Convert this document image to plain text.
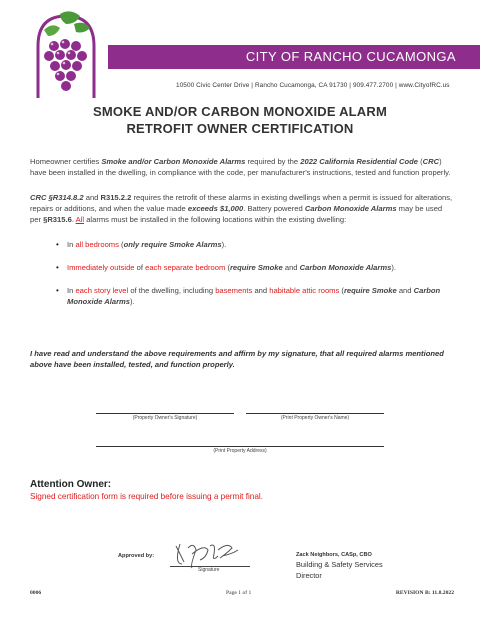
CITY OF RANCHO CUCAMONGA
10500 Civic Center Drive | Rancho Cucamonga, CA 91730 | 909.477.2700 | www.CityofRC.us
SMOKE AND/OR CARBON MONOXIDE ALARM
RETROFIT OWNER CERTIFICATION
Homeowner certifies Smoke and/or Carbon Monoxide Alarms required by the 2022 California Residential Code (CRC) have been installed in the dwelling, in compliance with the code, per manufacturer's instructions, tested and function properly.
CRC §R314.8.2 and R315.2.2 requires the retrofit of these alarms in existing dwellings when a permit is issued for alterations, repairs or additions, and when the value made exceeds $1,000. Battery powered Carbon Monoxide Alarms may be used per §R315.6. All alarms must be installed in the following locations within the existing dwelling:
• In all bedrooms (only require Smoke Alarms).
• Immediately outside of each separate bedroom (require Smoke and Carbon Monoxide Alarms).
• In each story level of the dwelling, including basements and habitable attic rooms (require Smoke and Carbon Monoxide Alarms).
I have read and understand the above requirements and affirm by my signature, that all required alarms mentioned above have been installed, tested, and function properly.
(Property Owner's Signature)	(Print Property Owner's Name)
(Print Property Address)
Attention Owner:
Signed certification form is required before issuing a permit final.
Approved by:
Signature
Zack Neighbors, CASp, CBO
Building & Safety Services
Director
0006	Page 1 of 1	REVISION B: 11.8.2022
